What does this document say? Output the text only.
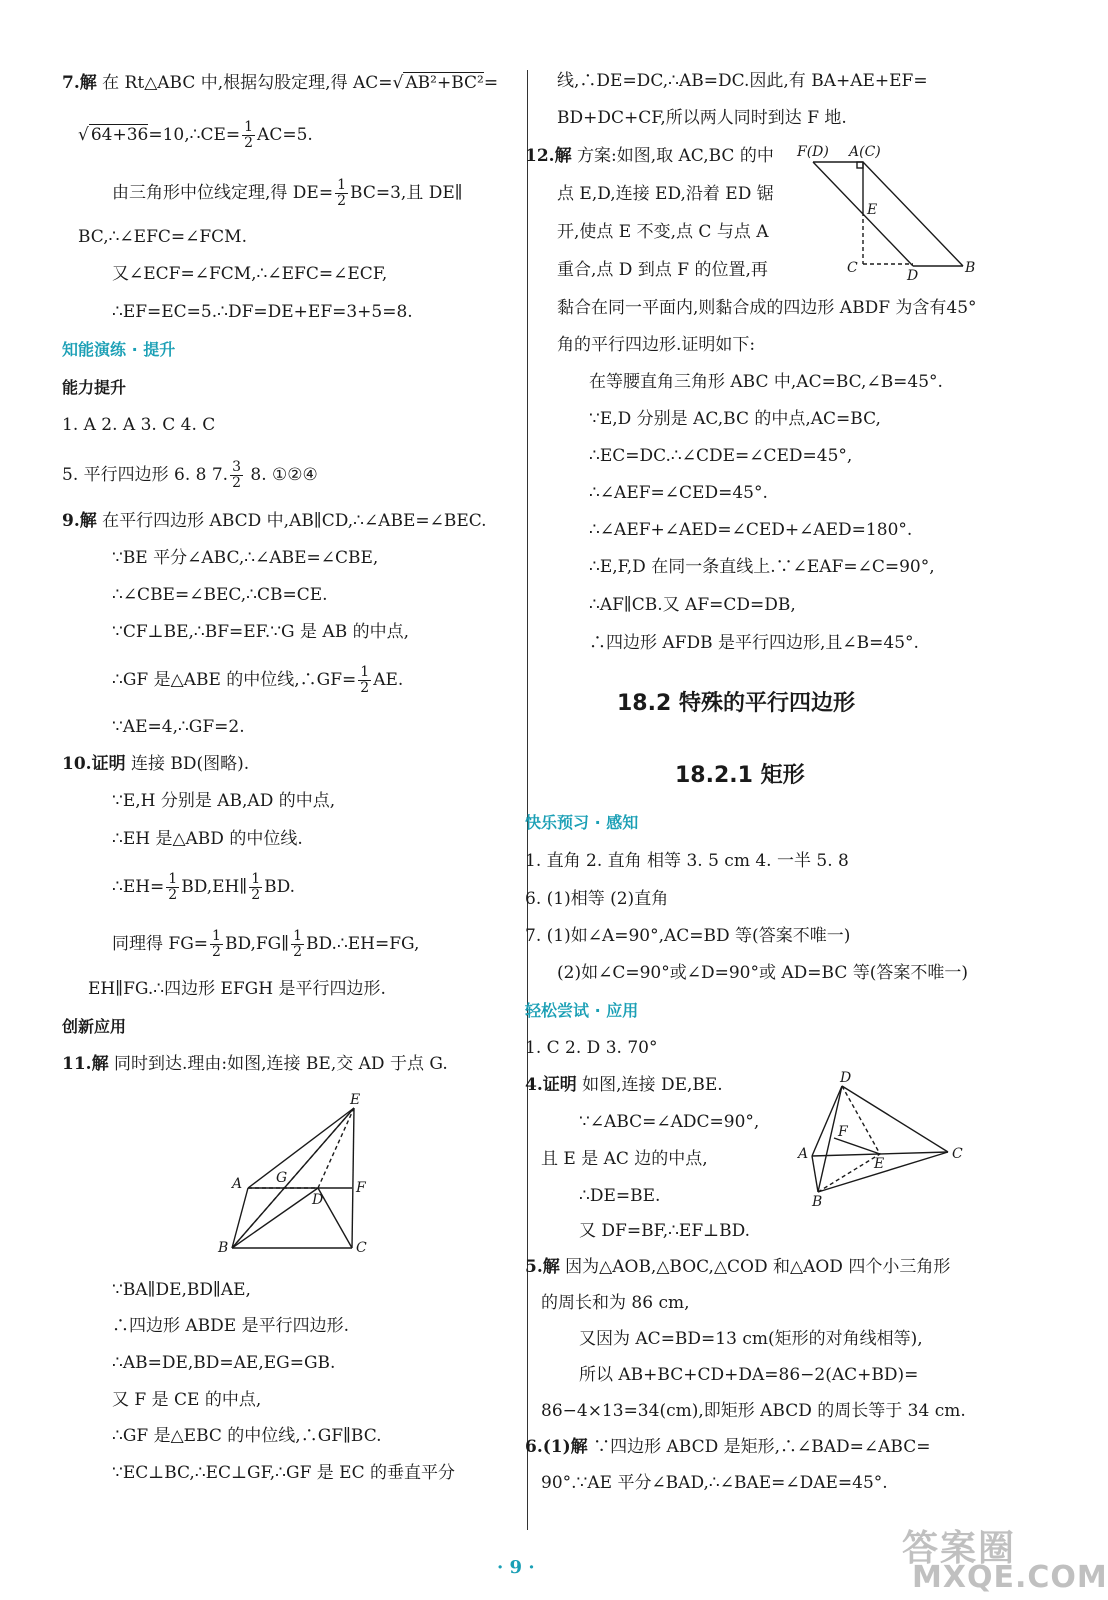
7.解 在 Rt△ABC 中,根据勾股定理,得 AC=√ AB²+BC²=
√ 64+36=10,∴CE= $\frac{1}{2} AC=5$.
由三角形中位线定理,得 $DE= \frac{1}{2} BC=3$,且 DE∥
BC,∴∠EFC=∠FCM.
又∠ECF=∠FCM,∴∠EFC=∠ECF,
∴EF=EC=5.∴DF=DE+EF=3+5=8.
知能演练 · 提升
能力提升
1. A 2. A 3. C 4. C
5. 平行四边形 6. 8 7. $\frac{3}{2} 8$. ①②④
9.解 在平行四边形 ABCD 中,AB∥CD,∴∠ABE=∠BEC.
∵BE 平分∠ABC,∴∠ABE=∠CBE,
∴∠CBE=∠BEC,∴CB=CE.
∵CF⊥BE,∴BF=EF.∵G 是 AB 的中点,
∴GF 是△ABE 的中位线,∴GF= $\frac{1}{2}$ AE.
∵AE=4,∴GF=2.
10.证明 连接 BD(图略).
∵E,H 分别是 AB,AD 的中点,
∴EH 是△ABD 的中位线.
∴EH= $\frac{1}{2}$ BD,EH∥ $\frac{1}{2}$ BD.
同理得 $FG= \frac{1}{2}$ BD,FG∥ $\frac{1}{2}$ BD.∴EH=FG,
EH∥FG.∴四边形 EFGH 是平行四边形.
创新应用
11.解 同时到达.理由:如图,连接 BE,交 AD 于点 G.
E
A G
D
F
B	C
∵BA∥DE,BD∥AE,
∴四边形 ABDE 是平行四边形.
∴AB=DE,BD=AE,EG=GB.
又 F 是 CE 的中点,
∴GF 是△EBC 的中位线,∴GF∥BC.
∵EC⊥BC,∴EC⊥GF,∴GF 是 EC 的垂直平分
线,∴DE=DC,∴AB=DC.因此,有 BA+AE+EF=
BD+DC+CF,所以两人同时到达 F 地.
12.解 方案:如图,取 AC,BC 的中
点 E,D,连接 ED,沿着 ED 锯
开,使点 E 不变,点 C 与点 A
重合,点 D 到点 F 的位置,再
F(D) A(C)
E
C	D	B
黏合在同一平面内,则黏合成的四边形 ABDF 为含有45°
角的平行四边形.证明如下:
在等腰直角三角形 ABC 中,AC=BC,∠B=45°.
∵E,D 分别是 AC,BC 的中点,AC=BC,
∴EC=DC.∴∠CDE=∠CED=45°,
∴∠AEF=∠CED=45°.
∴∠AEF+∠AED=∠CED+∠AED=180°.
∴E,F,D 在同一条直线上.∵∠EAF=∠C=90°,
∴AF∥CB.又 AF=CD=DB,
∴四边形 AFDB 是平行四边形,且∠B=45°.
18.2 特殊的平行四边形
18.2.1 矩形
快乐预习 · 感知
1. 直角 2. 直角 相等 3. 5 cm 4. 一半 5. 8
6. (1)相等 (2)直角
7. (1)如∠A=90°,AC=BD 等(答案不唯一)
(2)如∠C=90°或∠D=90°或 AD=BC 等(答案不唯一)
轻松尝试 · 应用
1. C 2. D 3. 70°
4.证明 如图,连接 DE,BE.
∵∠ABC=∠ADC=90°,
且 E 是 AC 边的中点,
∴DE=BE.
又 DF=BF,∴EF⊥BD.
D
F
A
E
C
B
5.解 因为△AOB,△BOC,△COD 和△AOD 四个小三角形
的周长和为 86 cm,
又因为 AC=BD=13 cm(矩形的对角线相等),
所以 AB+BC+CD+DA=86−2(AC+BD)=
86−4×13=34(cm),即矩形 ABCD 的周长等于 34 cm.
6.(1)解 ∵四边形 ABCD 是矩形,∴∠BAD=∠ABC=
90°.∵AE 平分∠BAD,∴∠BAE=∠DAE=45°.
· 9 ·	答案圈
MXQE.COM
